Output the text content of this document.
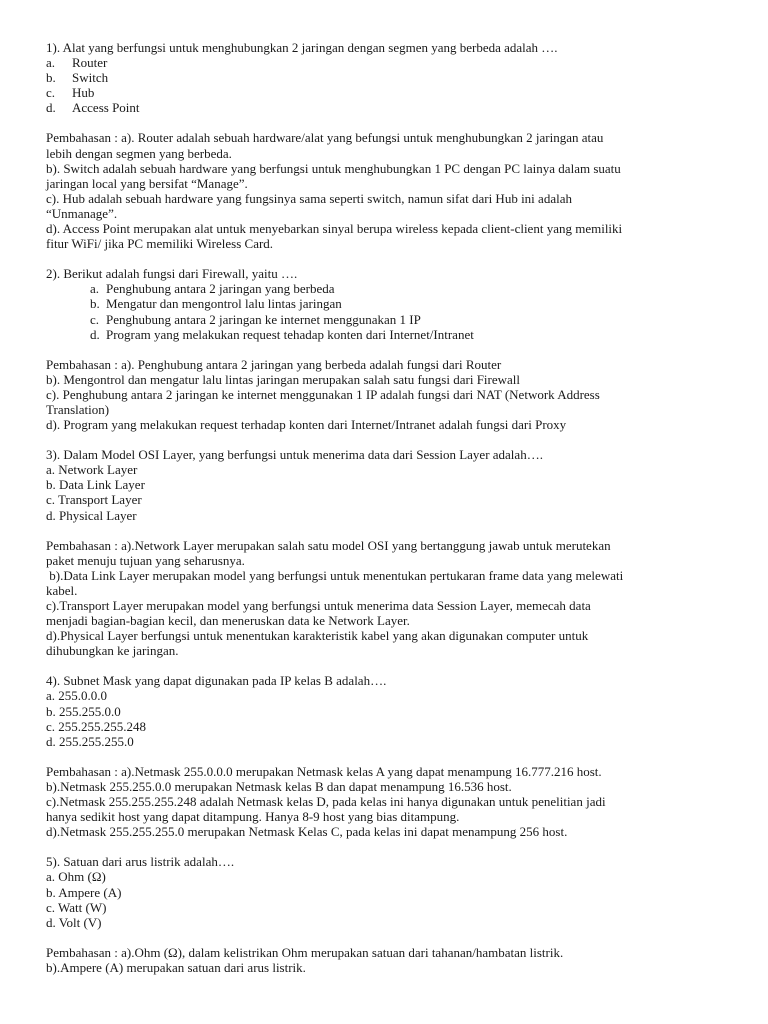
1). Alat yang berfungsi untuk menghubungkan 2 jaringan dengan segmen yang berbeda adalah ….
a.	Router
b.	Switch
c.	Hub
d.	Access Point
Pembahasan : a). Router adalah sebuah hardware/alat yang befungsi untuk menghubungkan 2 jaringan atau
lebih dengan segmen yang berbeda.
b). Switch adalah sebuah hardware yang berfungsi untuk menghubungkan 1 PC dengan PC lainya dalam suatu
jaringan local yang bersifat “Manage”.
c). Hub adalah sebuah hardware yang fungsinya sama seperti switch, namun sifat dari Hub ini adalah
“Unmanage”.
d). Access Point merupakan alat untuk menyebarkan sinyal berupa wireless kepada client-client yang memiliki
fitur WiFi/ jika PC memiliki Wireless Card.
2). Berikut adalah fungsi dari Firewall, yaitu ….
a. Penghubung antara 2 jaringan yang berbeda
b. Mengatur dan mengontrol lalu lintas jaringan
c. Penghubung antara 2 jaringan ke internet menggunakan 1 IP
d. Program yang melakukan request tehadap konten dari Internet/Intranet
Pembahasan : a). Penghubung antara 2 jaringan yang berbeda adalah fungsi dari Router
b). Mengontrol dan mengatur lalu lintas jaringan merupakan salah satu fungsi dari Firewall
c). Penghubung antara 2 jaringan ke internet menggunakan 1 IP adalah fungsi dari NAT (Network Address
Translation)
d). Program yang melakukan request terhadap konten dari Internet/Intranet adalah fungsi dari Proxy
3). Dalam Model OSI Layer, yang berfungsi untuk menerima data dari Session Layer adalah….
a. Network Layer
b. Data Link Layer
c. Transport Layer
d. Physical Layer
Pembahasan : a).Network Layer merupakan salah satu model OSI yang bertanggung jawab untuk merutekan
paket menuju tujuan yang seharusnya.
b).Data Link Layer merupakan model yang berfungsi untuk menentukan pertukaran frame data yang melewati
kabel.
c).Transport Layer merupakan model yang berfungsi untuk menerima data Session Layer, memecah data
menjadi bagian-bagian kecil, dan meneruskan data ke Network Layer.
d).Physical Layer berfungsi untuk menentukan karakteristik kabel yang akan digunakan computer untuk
dihubungkan ke jaringan.
4). Subnet Mask yang dapat digunakan pada IP kelas B adalah….
a. 255.0.0.0
b. 255.255.0.0
c. 255.255.255.248
d. 255.255.255.0
Pembahasan : a).Netmask 255.0.0.0 merupakan Netmask kelas A yang dapat menampung 16.777.216 host.
b).Netmask 255.255.0.0 merupakan Netmask kelas B dan dapat menampung 16.536 host.
c).Netmask 255.255.255.248 adalah Netmask kelas D, pada kelas ini hanya digunakan untuk penelitian jadi
hanya sedikit host yang dapat ditampung. Hanya 8-9 host yang bias ditampung.
d).Netmask 255.255.255.0 merupakan Netmask Kelas C, pada kelas ini dapat menampung 256 host.
5). Satuan dari arus listrik adalah….
a. Ohm (Ω)
b. Ampere (A)
c. Watt (W)
d. Volt (V)
Pembahasan : a).Ohm (Ω), dalam kelistrikan Ohm merupakan satuan dari tahanan/hambatan listrik.
b).Ampere (A) merupakan satuan dari arus listrik.
